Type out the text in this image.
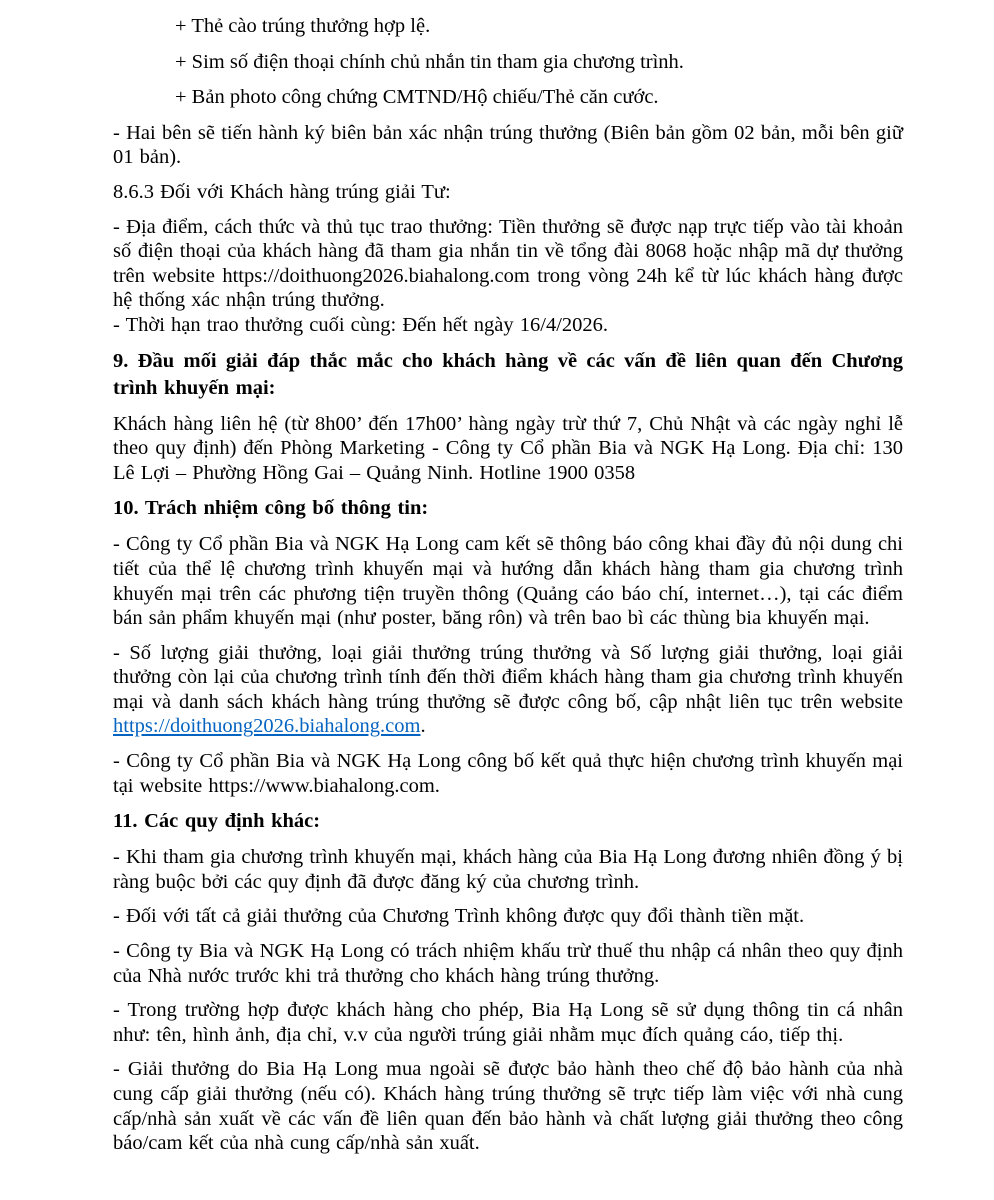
+ Thẻ cào trúng thưởng hợp lệ.

+ Sim số điện thoại chính chủ nhắn tin tham gia chương trình.

+ Bản photo công chứng CMTND/Hộ chiếu/Thẻ căn cước.

- Hai bên sẽ tiến hành ký biên bản xác nhận trúng thưởng (Biên bản gồm 02 bản, mỗi bên giữ 01 bản).

8.6.3 Đối với Khách hàng trúng giải Tư:

- Địa điểm, cách thức và thủ tục trao thưởng: Tiền thưởng sẽ được nạp trực tiếp vào tài khoản số điện thoại của khách hàng đã tham gia nhắn tin về tổng đài 8068 hoặc nhập mã dự thưởng trên website https://doithuong2026.biahalong.com trong vòng 24h kể từ lúc khách hàng được hệ thống xác nhận trúng thưởng.

- Thời hạn trao thưởng cuối cùng: Đến hết ngày 16/4/2026.

9. Đầu mối giải đáp thắc mắc cho khách hàng về các vấn đề liên quan đến Chương trình khuyến mại:

Khách hàng liên hệ (từ 8h00’ đến 17h00’ hàng ngày trừ thứ 7, Chủ Nhật và các ngày nghỉ lễ theo quy định) đến Phòng Marketing - Công ty Cổ phần Bia và NGK Hạ Long. Địa chỉ: 130 Lê Lợi – Phường Hồng Gai – Quảng Ninh. Hotline 1900 0358

10. Trách nhiệm công bố thông tin:

- Công ty Cổ phần Bia và NGK Hạ Long cam kết sẽ thông báo công khai đầy đủ nội dung chi tiết của thể lệ chương trình khuyến mại và hướng dẫn khách hàng tham gia chương trình khuyến mại trên các phương tiện truyền thông (Quảng cáo báo chí, internet…), tại các điểm bán sản phẩm khuyến mại (như poster, băng rôn) và trên bao bì các thùng bia khuyến mại.

- Số lượng giải thưởng, loại giải thưởng trúng thưởng và Số lượng giải thưởng, loại giải thưởng còn lại của chương trình tính đến thời điểm khách hàng tham gia chương trình khuyến mại và danh sách khách hàng trúng thưởng sẽ được công bố, cập nhật liên tục trên website https://doithuong2026.biahalong.com.

- Công ty Cổ phần Bia và NGK Hạ Long công bố kết quả thực hiện chương trình khuyến mại tại website https://www.biahalong.com.

11. Các quy định khác:

- Khi tham gia chương trình khuyến mại, khách hàng của Bia Hạ Long đương nhiên đồng ý bị ràng buộc bởi các quy định đã được đăng ký của chương trình.

- Đối với tất cả giải thưởng của Chương Trình không được quy đổi thành tiền mặt.

- Công ty Bia và NGK Hạ Long có trách nhiệm khấu trừ thuế thu nhập cá nhân theo quy định của Nhà nước trước khi trả thưởng cho khách hàng trúng thưởng.

- Trong trường hợp được khách hàng cho phép, Bia Hạ Long sẽ sử dụng thông tin cá nhân như: tên, hình ảnh, địa chỉ, v.v của người trúng giải nhằm mục đích quảng cáo, tiếp thị.

- Giải thưởng do Bia Hạ Long mua ngoài sẽ được bảo hành theo chế độ bảo hành của nhà cung cấp giải thưởng (nếu có). Khách hàng trúng thưởng sẽ trực tiếp làm việc với nhà cung cấp/nhà sản xuất về các vấn đề liên quan đến bảo hành và chất lượng giải thưởng theo công báo/cam kết của nhà cung cấp/nhà sản xuất.
